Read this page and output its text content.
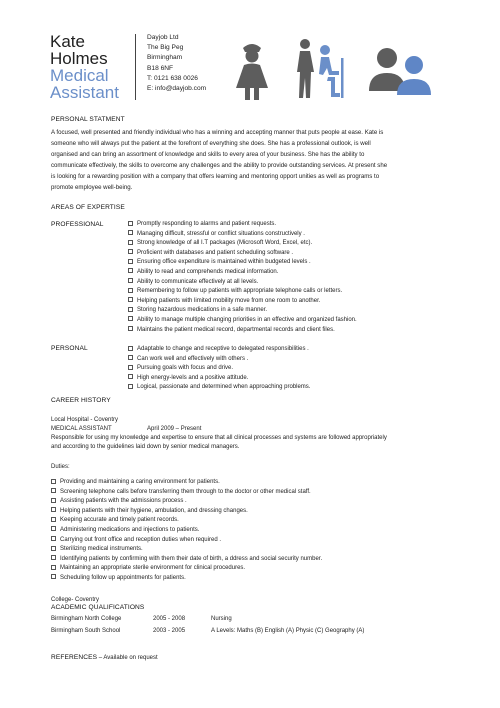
Kate
Holmes
Medical
Assistant
Dayjob Ltd
The Big Peg
Birmingham
B18 6NF
T: 0121 638 0026
E: info@dayjob.com
PERSONAL STATMENT
A focused, well presented and friendly individual who has a winning and accepting manner that puts people at ease. Kate is
someone who will always put the patient at the forefront of everything she does. She has a professional outlook, is well
organised and can bring an assortment of knowledge and skills to every area of your business. She has the ability to
communicate effectively, the skills to overcome any challenges and the ability to provide outstanding services. At present she
is looking for a rewarding position with a company that offers learning and mentoring opport unities as well as programs to
promote employee well-being.
AREAS OF EXPERTISE
PROFESSIONAL	Promptly responding to alarms and patient requests.
Managing difficult, stressful or conflict situations constructively .
Strong knowledge of all I.T packages (Microsoft Word, Excel, etc).
Proficient with databases and patient scheduling software .
Ensuring office expenditure is maintained within budgeted levels .
Ability to read and comprehends medical information.
Ability to communicate effectively at all levels.
Remembering to follow up patients with appropriate telephone calls or letters.
Helping patients with limited mobility move from one room to another.
Storing hazardous medications in a safe manner.
Ability to manage multiple changing priorities in an effective and organized fashion.
Maintains the patient medical record, departmental records and client files.
PERSONAL	Adaptable to change and receptive to delegated responsibilities .
Can work well and effectively with others .
Pursuing goals with focus and drive.
High energy-levels and a positive attitude.
Logical, passionate and determined when approaching problems.
CAREER HISTORY
Local Hospital - Coventry
MEDICAL ASSISTANT	April 2009 – Present
Responsible for using my knowledge and expertise to ensure that all clinical processes and systems are followed appropriately
and according to the guidelines laid down by senior medical managers.
Duties:
Providing and maintaining a caring environment for patients.
Screening telephone calls before transferring them through to the doctor or other medical staff.
Assisting patients with the admissions process .
Helping patients with their hygiene, ambulation, and dressing changes.
Keeping accurate and timely patient records.
Administering medications and injections to patients.
Carrying out front office and reception duties when required .
Sterilizing medical instruments.
Identifying patients by confirming with them their date of birth, a ddress and social security number.
Maintaining an appropriate sterile environment for clinical procedures.
Scheduling follow up appointments for patients.
College- Coventry
ACADEMIC QUALIFICATIONS
Birmingham North College	2005 - 2008	Nursing
Birmingham South School	2003 - 2005	A Levels: Maths (B) English (A) Physic (C) Geography (A)
REFERENCES – Available on request
